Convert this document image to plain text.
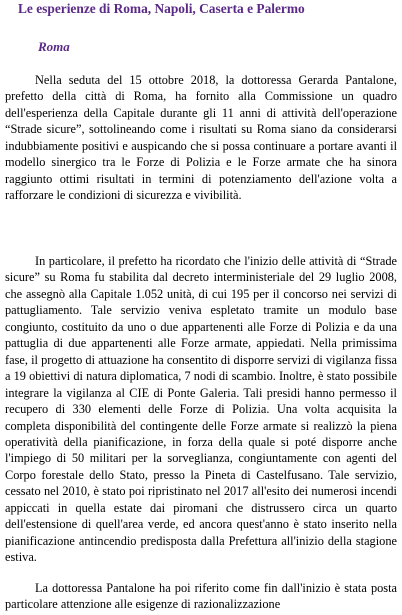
Le esperienze di Roma, Napoli, Caserta e Palermo
Roma

Nella seduta del 15 ottobre 2018, la dottoressa Gerarda Pantalone, prefetto della città di Roma, ha fornito alla Commissione un quadro dell'esperienza della Capitale durante gli 11 anni di attività dell'operazione “Strade sicure”, sottolineando come i risultati su Roma siano da considerarsi indubbiamente positivi e auspicando che si possa continuare a portare avanti il modello sinergico tra le Forze di Polizia e le Forze armate che ha sinora raggiunto ottimi risultati in termini di potenziamento dell'azione volta a rafforzare le condizioni di sicurezza e vivibilità.

In particolare, il prefetto ha ricordato che l'inizio delle attività di “Strade sicure” su Roma fu stabilita dal decreto interministeriale del 29 luglio 2008, che assegnò alla Capitale 1.052 unità, di cui 195 per il concorso nei servizi di pattugliamento. Tale servizio veniva espletato tramite un modulo base congiunto, costituito da uno o due appartenenti alle Forze di Polizia e da una pattuglia di due appartenenti alle Forze armate, appiedati. Nella primissima fase, il progetto di attuazione ha consentito di disporre servizi di vigilanza fissa a 19 obiettivi di natura diplomatica, 7 nodi di scambio. Inoltre, è stato possibile integrare la vigilanza al CIE di Ponte Galeria. Tali presidi hanno permesso il recupero di 330 elementi delle Forze di Polizia. Una volta acquisita la completa disponibilità del contingente delle Forze armate si realizzò la piena operatività della pianificazione, in forza della quale si poté disporre anche l'impiego di 50 militari per la sorveglianza, congiuntamente con agenti del Corpo forestale dello Stato, presso la Pineta di Castelfusano. Tale servizio, cessato nel 2010, è stato poi ripristinato nel 2017 all'esito dei numerosi incendi appiccati in quella estate dai piromani che distrussero circa un quarto dell'estensione di quell'area verde, ed ancora quest'anno è stato inserito nella pianificazione antincendio predisposta dalla Prefettura all'inizio della stagione estiva.

La dottoressa Pantalone ha poi riferito come fin dall'inizio è stata posta particolare attenzione alle esigenze di razionalizzazione
